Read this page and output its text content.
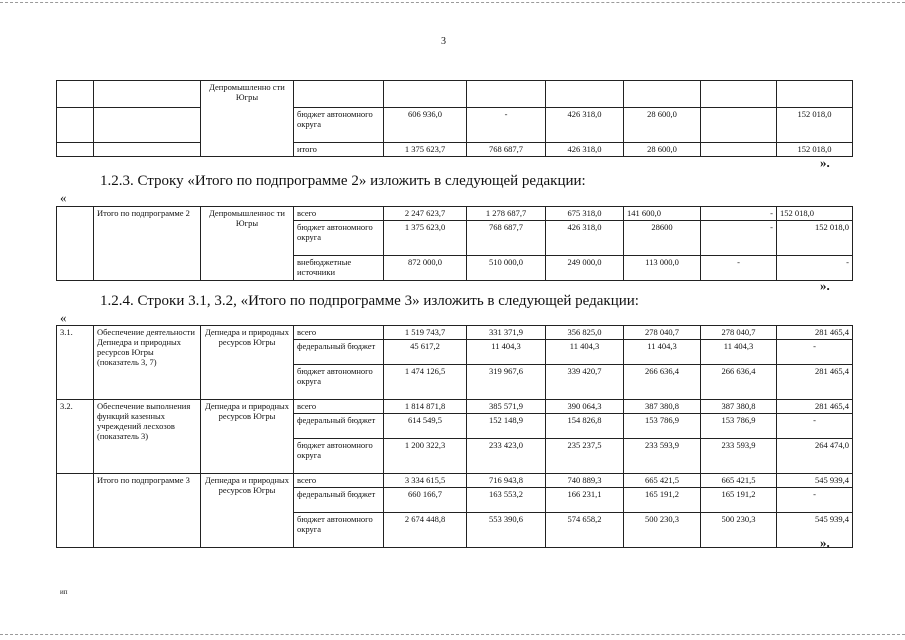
3
		Депромышленно сти Югры							
			бюджет автономного округа	606 936,0	-	426 318,0	28 600,0		152 018,0
			итого	1 375 623,7	768 687,7	426 318,0	28 600,0		152 018,0
».
1.2.3. Строку «Итого по подпрограмме 2» изложить в следующей редакции:
«
	Итого по подпрограмме 2	Депромышленнос ти Югры	всего	2 247 623,7	1 278 687,7	675 318,0	141 600,0	-	152 018,0
			бюджет автономного округа	1 375 623,0	768 687,7	426 318,0	28600	-	152 018,0
			внебюджетные источники	872 000,0	510 000,0	249 000,0	113 000,0	-	-
».
1.2.4. Строки 3.1, 3.2, «Итого по подпрограмме 3» изложить в следующей редакции:
«
3.1.	Обеспечение деятельности Депнедра и природных ресурсов Югры (показатель 3, 7)	Депнедра и природных ресурсов Югры	всего	1 519 743,7	331 371,9	356 825,0	278 040,7	278 040,7	281 465,4
			федеральный бюджет	45 617,2	11 404,3	11 404,3	11 404,3	11 404,3	-
			бюджет автономного округа	1 474 126,5	319 967,6	339 420,7	266 636,4	266 636,4	281 465,4
3.2.	Обеспечение выполнения функций казенных учреждений лесхозов (показатель 3)	Депнедра и природных ресурсов Югры	всего	1 814 871,8	385 571,9	390 064,3	387 380,8	387 380,8	281 465,4
			федеральный бюджет	614 549,5	152 148,9	154 826,8	153 786,9	153 786,9	-
			бюджет автономного округа	1 200 322,3	233 423,0	235 237,5	233 593,9	233 593,9	264 474,0
	Итого по подпрограмме 3	Депнедра и природных ресурсов Югры	всего	3 334 615,5	716 943,8	740 889,3	665 421,5	665 421,5	545 939,4
			федеральный бюджет	660 166,7	163 553,2	166 231,1	165 191,2	165 191,2	-
			бюджет автономного округа	2 674 448,8	553 390,6	574 658,2	500 230,3	500 230,3	545 939,4
».
ип
